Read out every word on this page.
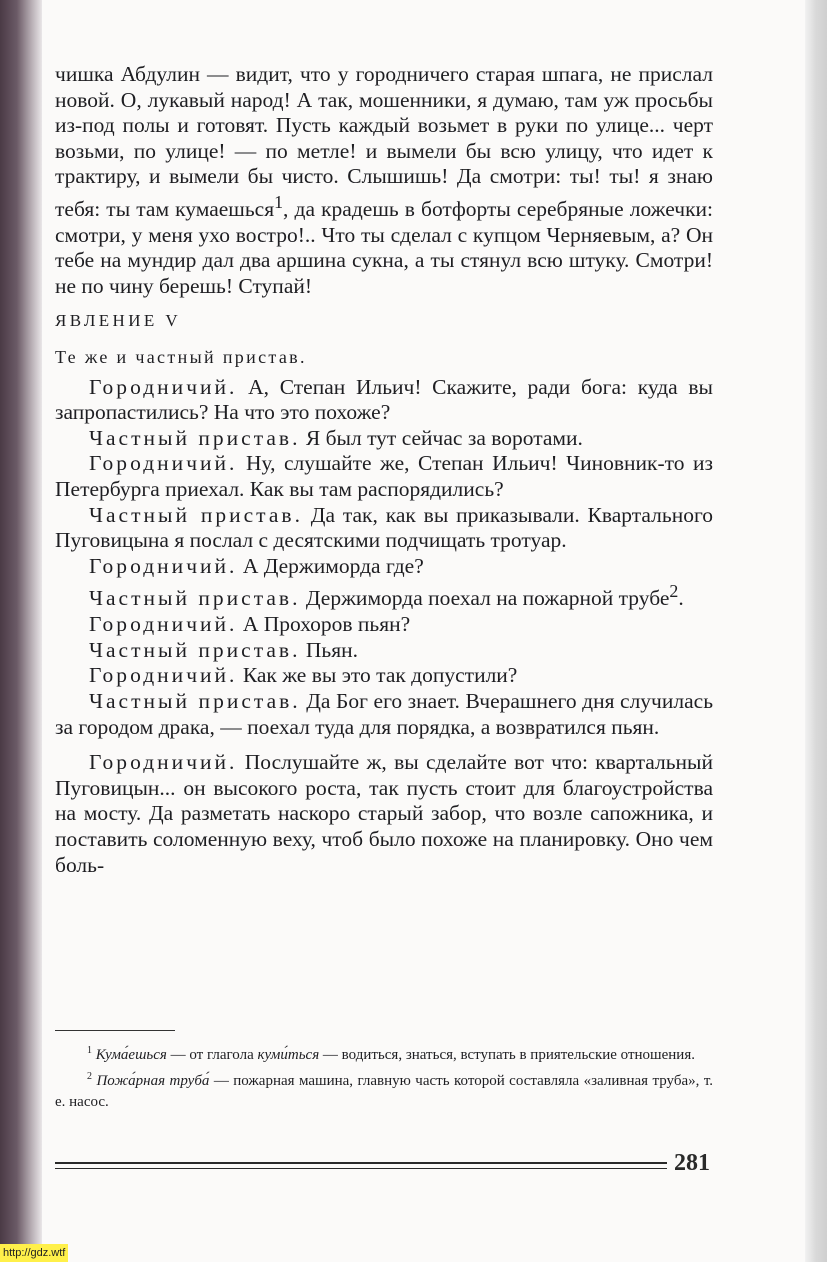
чишка Абдулин — видит, что у городничего старая шпага, не прислал новой. О, лукавый народ! А так, мошенники, я думаю, там уж просьбы из-под полы и готовят. Пусть каждый возьмет в руки по улице... черт возьми, по улице! — по метле! и вымели бы всю улицу, что идет к трактиру, и вымели бы чисто. Слышишь! Да смотри: ты! ты! я знаю тебя: ты там кумаешься$^1$, да крадешь в ботфорты серебряные ложечки: смотри, у меня ухо востро!.. Что ты сделал с купцом Черняевым, а? Он тебе на мундир дал два аршина сукна, а ты стянул всю штуку. Смотри! не по чину берешь! Ступай!

ЯВЛЕНИЕ V
Те же и частный пристав.

Городничий. А, Степан Ильич! Скажите, ради бога: куда вы запропастились? На что это похоже?

Частный пристав. Я был тут сейчас за воротами.

Городничий. Ну, слушайте же, Степан Ильич! Чиновник-то из Петербурга приехал. Как вы там распорядились?

Частный пристав. Да так, как вы приказывали. Квартального Пуговицына я послал с десятскими подчищать тротуар.

Городничий. А Держиморда где?

Частный пристав. Держиморда поехал на пожарной трубе$^2$.

Городничий. А Прохоров пьян?

Частный пристав. Пьян.

Городничий. Как же вы это так допустили?

Частный пристав. Да Бог его знает. Вчерашнего дня случилась за городом драка, — поехал туда для порядка, а возвратился пьян.

Городничий. Послушайте ж, вы сделайте вот что: квартальный Пуговицын... он высокого роста, так пусть стоит для благоустройства на мосту. Да разметать наскоро старый забор, что возле сапожника, и поставить соломенную веху, чтоб было похоже на планировку. Оно чем боль-

$^1$ Кума́ешься — от глагола куми́ться — водиться, знаться, вступать в приятельские отношения.

$^2$ Пожа́рная труба́ — пожарная машина, главную часть которой составляла «заливная труба», т. е. насос.

281
http://gdz.wtf
